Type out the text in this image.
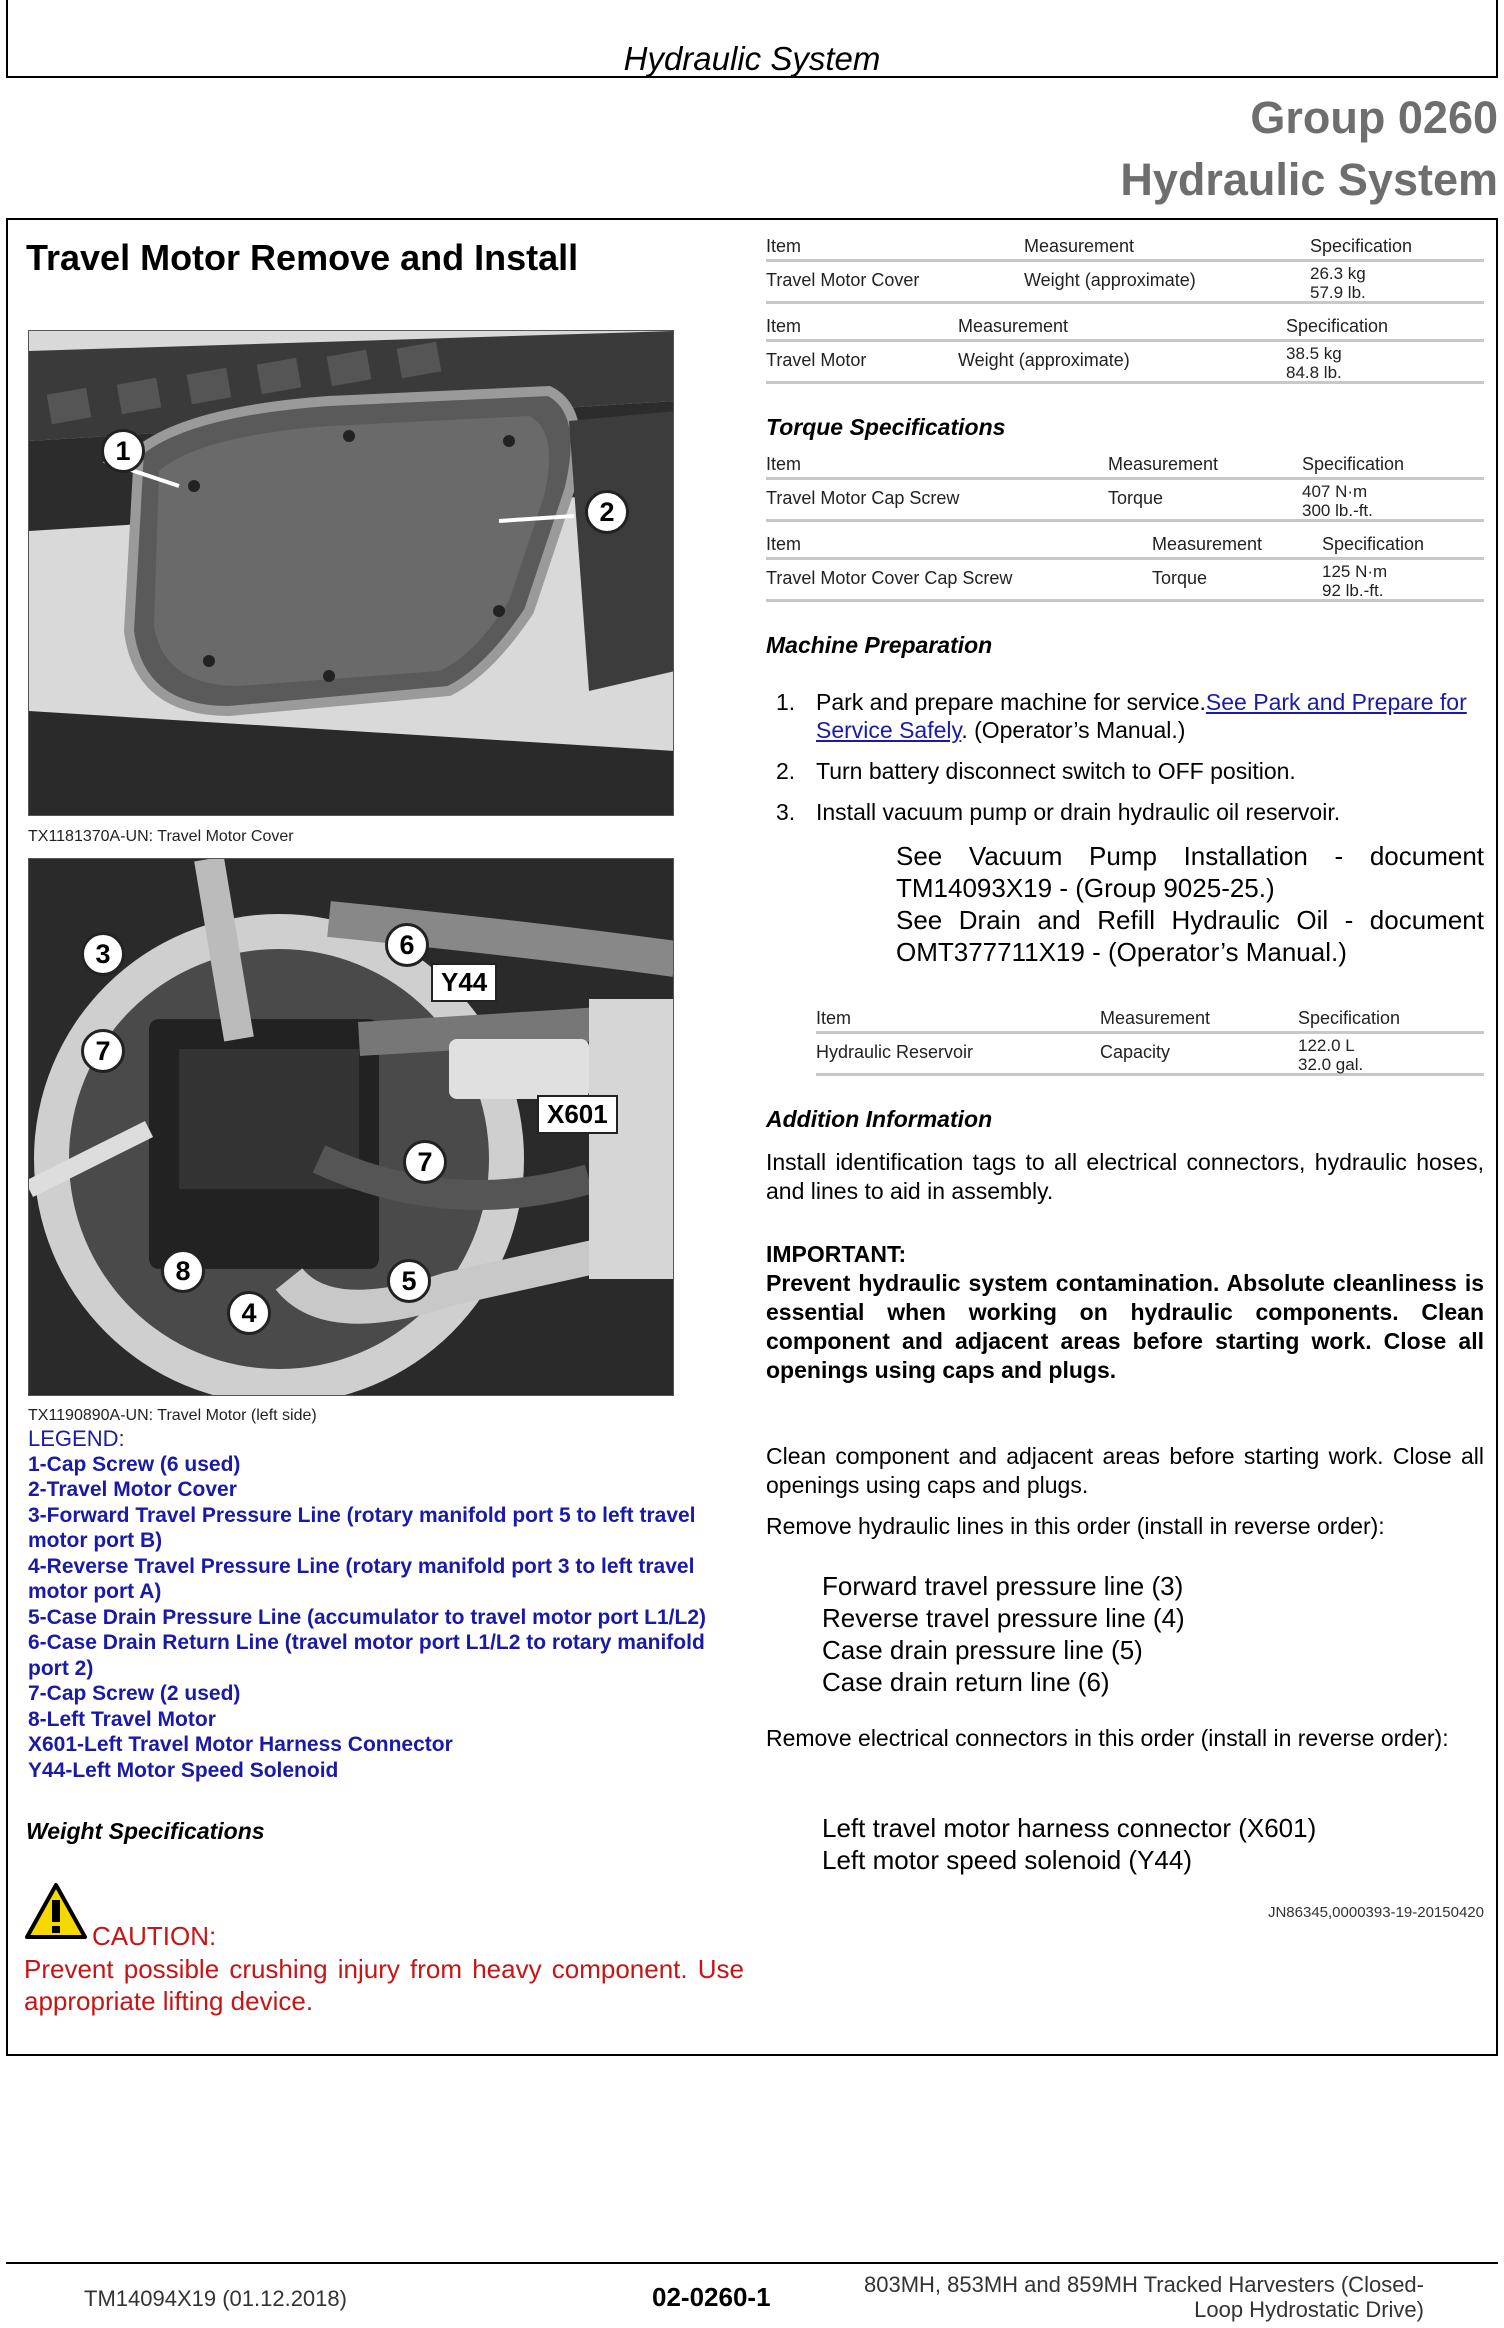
Hydraulic System
Group 0260
Hydraulic System
Travel Motor Remove and Install
1
2
TX1181370A-UN: Travel Motor Cover
3	6
Y44
7
X601
7
8	5
4
TX1190890A-UN: Travel Motor (left side)
LEGEND:
1-Cap Screw (6 used)
2-Travel Motor Cover
3-Forward Travel Pressure Line (rotary manifold port 5 to left travel motor port B)
4-Reverse Travel Pressure Line (rotary manifold port 3 to left travel motor port A)
5-Case Drain Pressure Line (accumulator to travel motor port L1/L2)
6-Case Drain Return Line (travel motor port L1/L2 to rotary manifold port 2)
7-Cap Screw (2 used)
8-Left Travel Motor
X601-Left Travel Motor Harness Connector
Y44-Left Motor Speed Solenoid
Weight Specifications
CAUTION:
Prevent possible crushing injury from heavy component. Use appropriate lifting device.
Item	Measurement	Specification
Travel Motor Cover	Weight (approximate)	26.3 kg
57.9 lb.
Item	Measurement	Specification
Travel Motor	Weight (approximate)	38.5 kg
84.8 lb.
Torque Specifications
Item	Measurement	Specification
Travel Motor Cap Screw	Torque	407 N·m
300 lb.-ft.
Item	Measurement	Specification
Travel Motor Cover Cap Screw	Torque	125 N·m
92 lb.-ft.
Machine Preparation
1. Park and prepare machine for service.See Park and Prepare for Service Safely. (Operator’s Manual.)
2. Turn battery disconnect switch to OFF position.
3. Install vacuum pump or drain hydraulic oil reservoir.
See Vacuum Pump Installation - document TM14093X19 - (Group 9025-25.)
See Drain and Refill Hydraulic Oil - document OMT377711X19 - (Operator’s Manual.)
Item	Measurement	Specification
Hydraulic Reservoir	Capacity	122.0 L
32.0 gal.
Addition Information
Install identification tags to all electrical connectors, hydraulic hoses, and lines to aid in assembly.
IMPORTANT:
Prevent hydraulic system contamination. Absolute cleanliness is essential when working on hydraulic components. Clean component and adjacent areas before starting work. Close all openings using caps and plugs.
Clean component and adjacent areas before starting work. Close all openings using caps and plugs.
Remove hydraulic lines in this order (install in reverse order):
Forward travel pressure line (3)
Reverse travel pressure line (4)
Case drain pressure line (5)
Case drain return line (6)
Remove electrical connectors in this order (install in reverse order):
Left travel motor harness connector (X601)
Left motor speed solenoid (Y44)
JN86345,0000393-19-20150420
TM14094X19 (01.12.2018)	02-0260-1	803MH, 853MH and 859MH Tracked Harvesters (Closed-
Loop Hydrostatic Drive)
